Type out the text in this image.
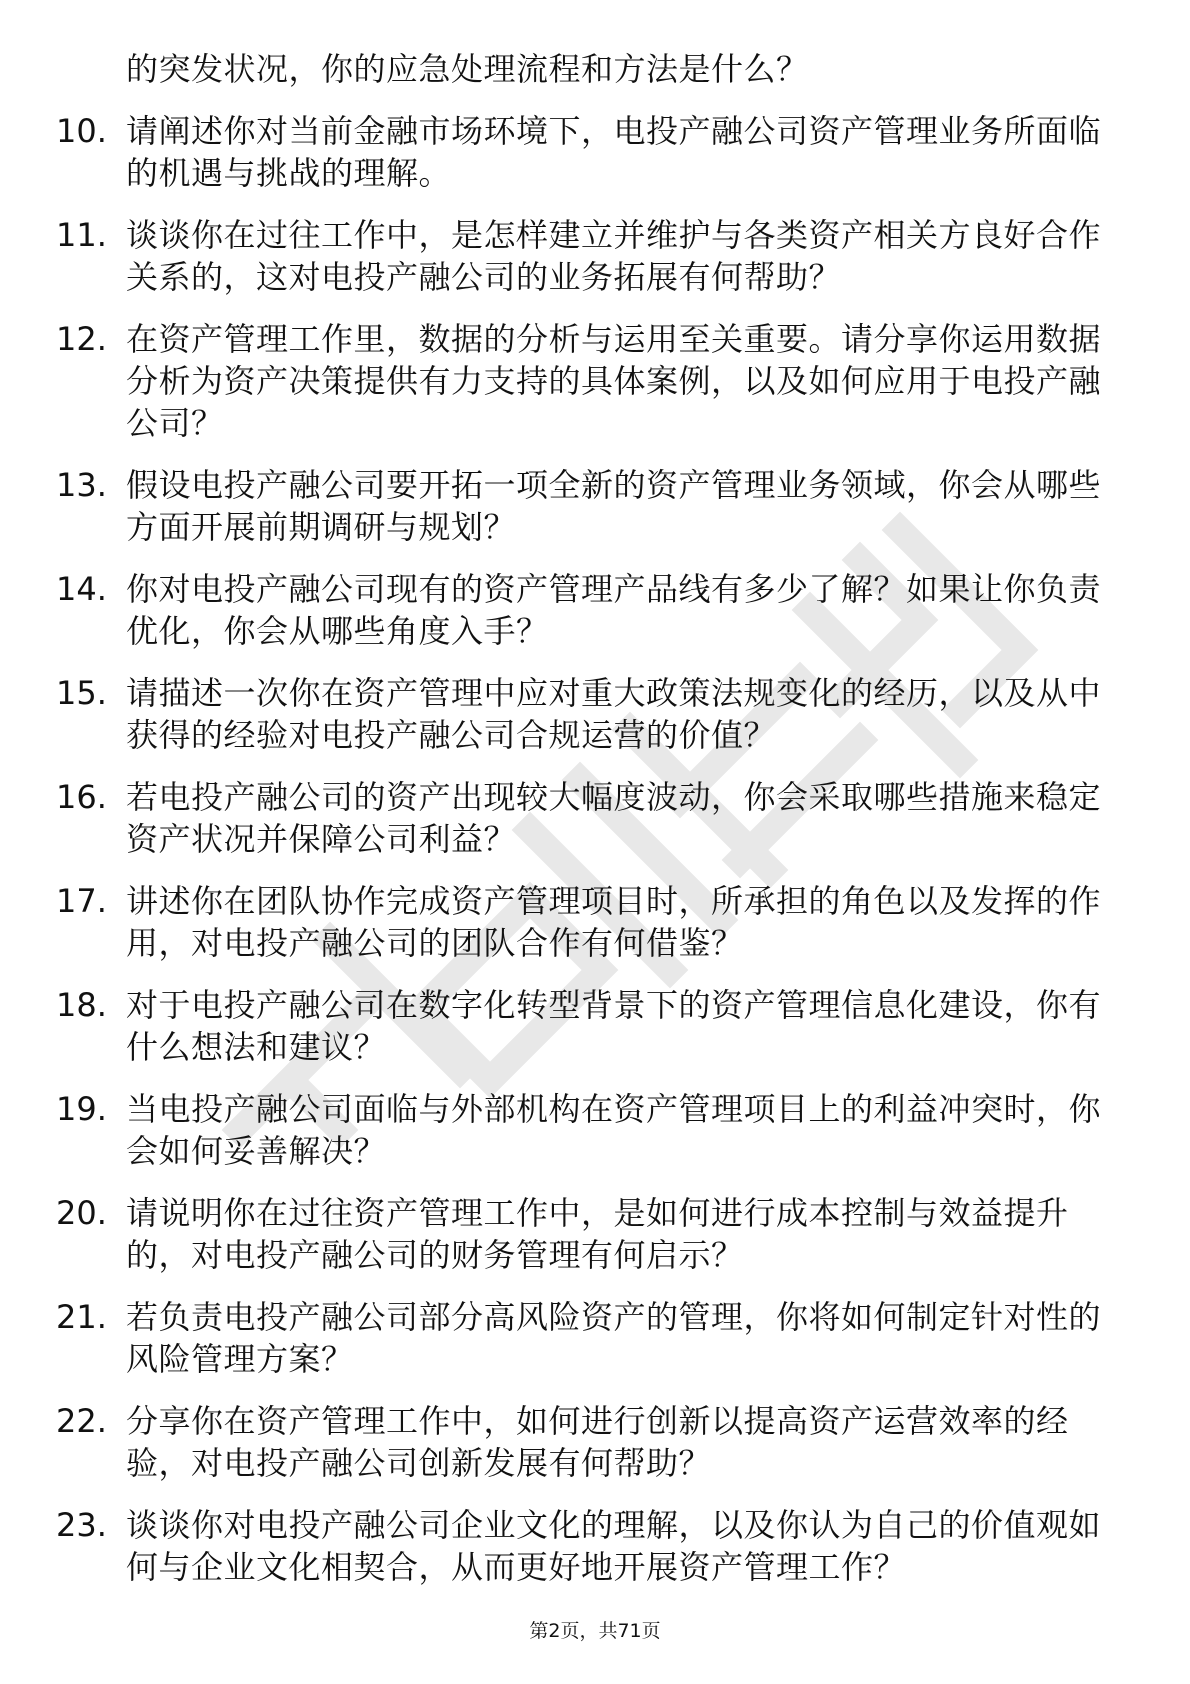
的突发状况，你的应急处理流程和方法是什么？
10. 请阐述你对当前金融市场环境下，电投产融公司资产管理业务所面临的机遇与挑战的理解。
11. 谈谈你在过往工作中，是怎样建立并维护与各类资产相关方良好合作关系的，这对电投产融公司的业务拓展有何帮助？
12. 在资产管理工作里，数据的分析与运用至关重要。请分享你运用数据分析为资产决策提供有力支持的具体案例，以及如何应用于电投产融公司？
13. 假设电投产融公司要开拓一项全新的资产管理业务领域，你会从哪些方面开展前期调研与规划？
14. 你对电投产融公司现有的资产管理产品线有多少了解？如果让你负责优化，你会从哪些角度入手？
15. 请描述一次你在资产管理中应对重大政策法规变化的经历，以及从中获得的经验对电投产融公司合规运营的价值？
16. 若电投产融公司的资产出现较大幅度波动，你会采取哪些措施来稳定资产状况并保障公司利益？
17. 讲述你在团队协作完成资产管理项目时，所承担的角色以及发挥的作用，对电投产融公司的团队合作有何借鉴？
18. 对于电投产融公司在数字化转型背景下的资产管理信息化建设，你有什么想法和建议？
19. 当电投产融公司面临与外部机构在资产管理项目上的利益冲突时，你会如何妥善解决？
20. 请说明你在过往资产管理工作中，是如何进行成本控制与效益提升的，对电投产融公司的财务管理有何启示？
21. 若负责电投产融公司部分高风险资产的管理，你将如何制定针对性的风险管理方案？
22. 分享你在资产管理工作中，如何进行创新以提高资产运营效率的经验，对电投产融公司创新发展有何帮助？
23. 谈谈你对电投产融公司企业文化的理解，以及你认为自己的价值观如何与企业文化相契合，从而更好地开展资产管理工作？
第2页，共71页
